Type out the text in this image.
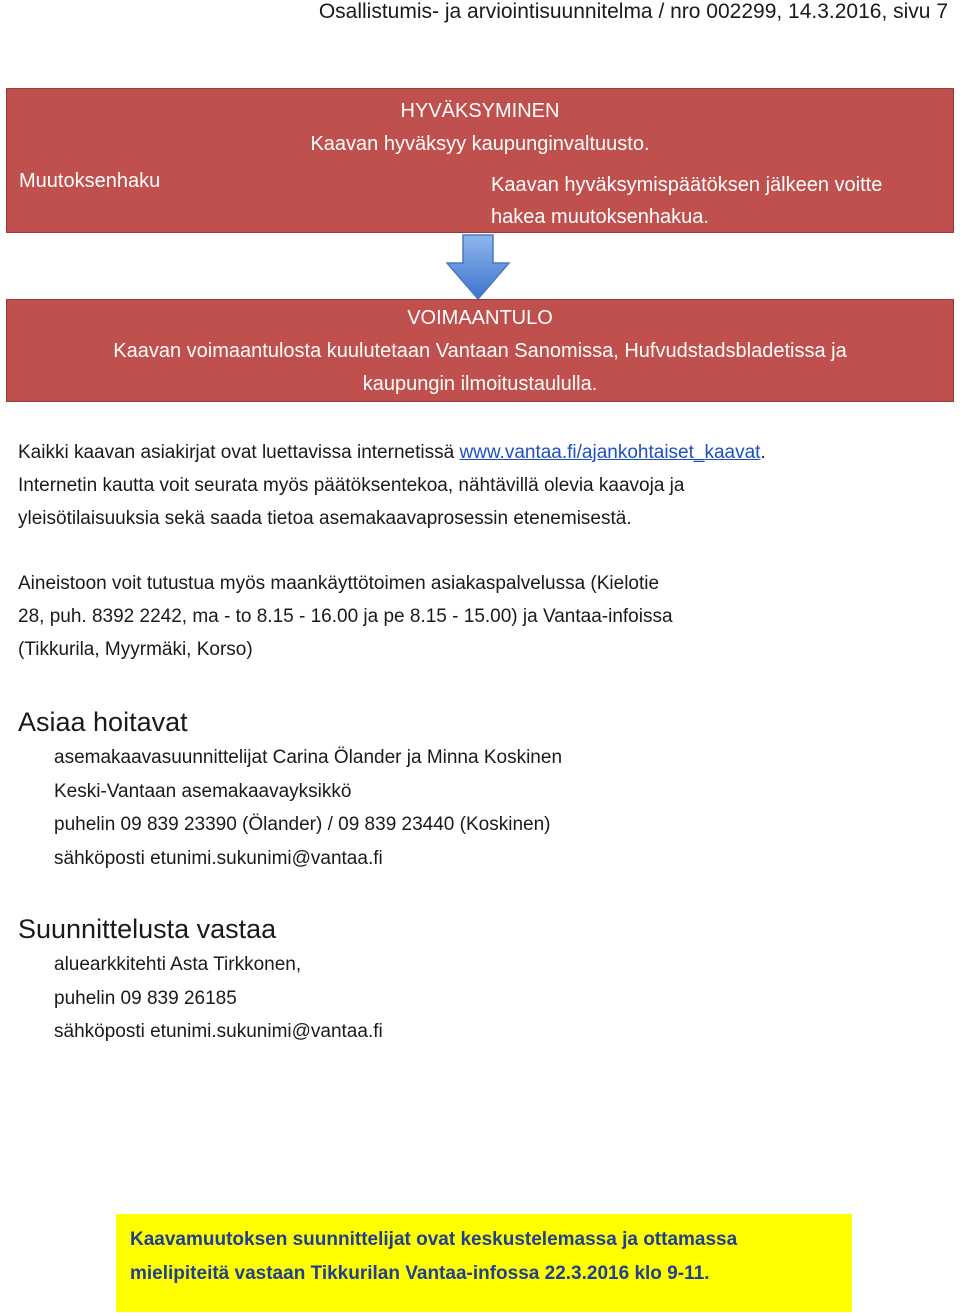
Osallistumis- ja arviointisuunnitelma / nro 002299, 14.3.2016, sivu 7
HYVÄKSYMINEN
Kaavan hyväksyy kaupunginvaltuusto.
Muutoksenhaku	Kaavan hyväksymispäätöksen jälkeen voitte
hakea muutoksenhakua.
VOIMAANTULO
Kaavan voimaantulosta kuulutetaan Vantaan Sanomissa, Hufvudstadsbladetissa ja
kaupungin ilmoitustaululla.
Kaikki kaavan asiakirjat ovat luettavissa internetissä www.vantaa.fi/ajankohtaiset_kaavat.
Internetin kautta voit seurata myös päätöksentekoa, nähtävillä olevia kaavoja ja
yleisötilaisuuksia sekä saada tietoa asemakaavaprosessin etenemisestä.
Aineistoon voit tutustua myös maankäyttötoimen asiakaspalvelussa (Kielotie
28, puh. 8392 2242, ma - to 8.15 - 16.00 ja pe 8.15 - 15.00) ja Vantaa-infoissa
(Tikkurila, Myyrmäki, Korso)
Asiaa hoitavat
asemakaavasuunnittelijat Carina Ölander ja Minna Koskinen
Keski-Vantaan asemakaavayksikkö
puhelin 09 839 23390 (Ölander) / 09 839 23440 (Koskinen)
sähköposti etunimi.sukunimi@vantaa.fi
Suunnittelusta vastaa
aluearkkitehti Asta Tirkkonen,
puhelin 09 839 26185
sähköposti etunimi.sukunimi@vantaa.fi
Kaavamuutoksen suunnittelijat ovat keskustelemassa ja ottamassa
mielipiteitä vastaan Tikkurilan Vantaa-infossa 22.3.2016 klo 9-11.
